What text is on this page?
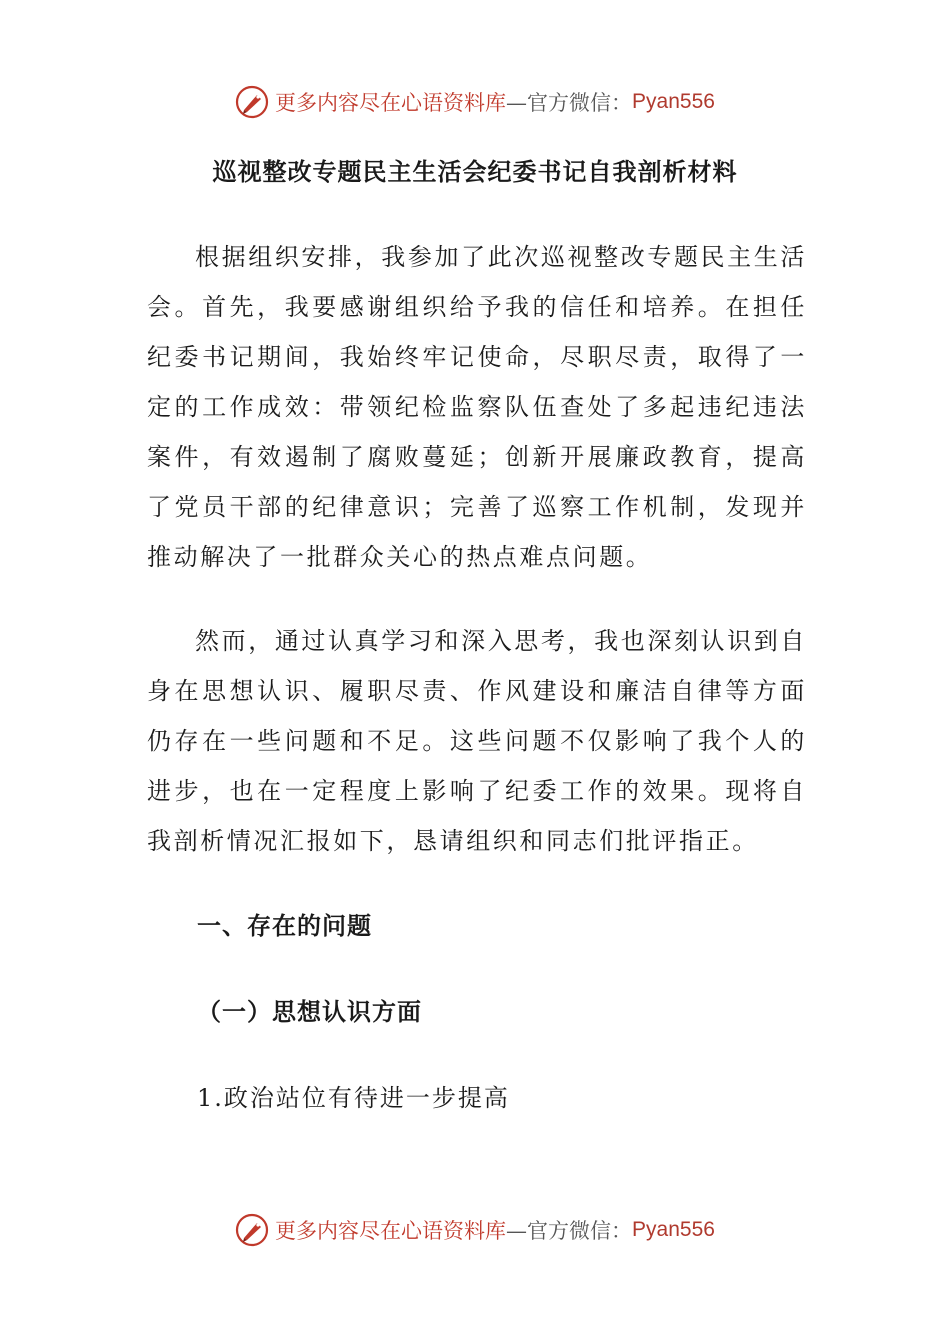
更多内容尽在心语资料库 —官方微信： Pyan556
巡视整改专题民主生活会纪委书记自我剖析材料

根据组织安排，我参加了此次巡视整改专题民主生活会。首先，我要感谢组织给予我的信任和培养。在担任纪委书记期间，我始终牢记使命，尽职尽责，取得了一定的工作成效：带领纪检监察队伍查处了多起违纪违法案件，有效遏制了腐败蔓延；创新开展廉政教育，提高了党员干部的纪律意识；完善了巡察工作机制，发现并推动解决了一批群众关心的热点难点问题。

然而，通过认真学习和深入思考，我也深刻认识到自身在思想认识、履职尽责、作风建设和廉洁自律等方面仍存在一些问题和不足。这些问题不仅影响了我个人的进步，也在一定程度上影响了纪委工作的效果。现将自我剖析情况汇报如下，恳请组织和同志们批评指正。

一、存在的问题
（一）思想认识方面
1.政治站位有待进一步提高
更多内容尽在心语资料库 —官方微信： Pyan556
